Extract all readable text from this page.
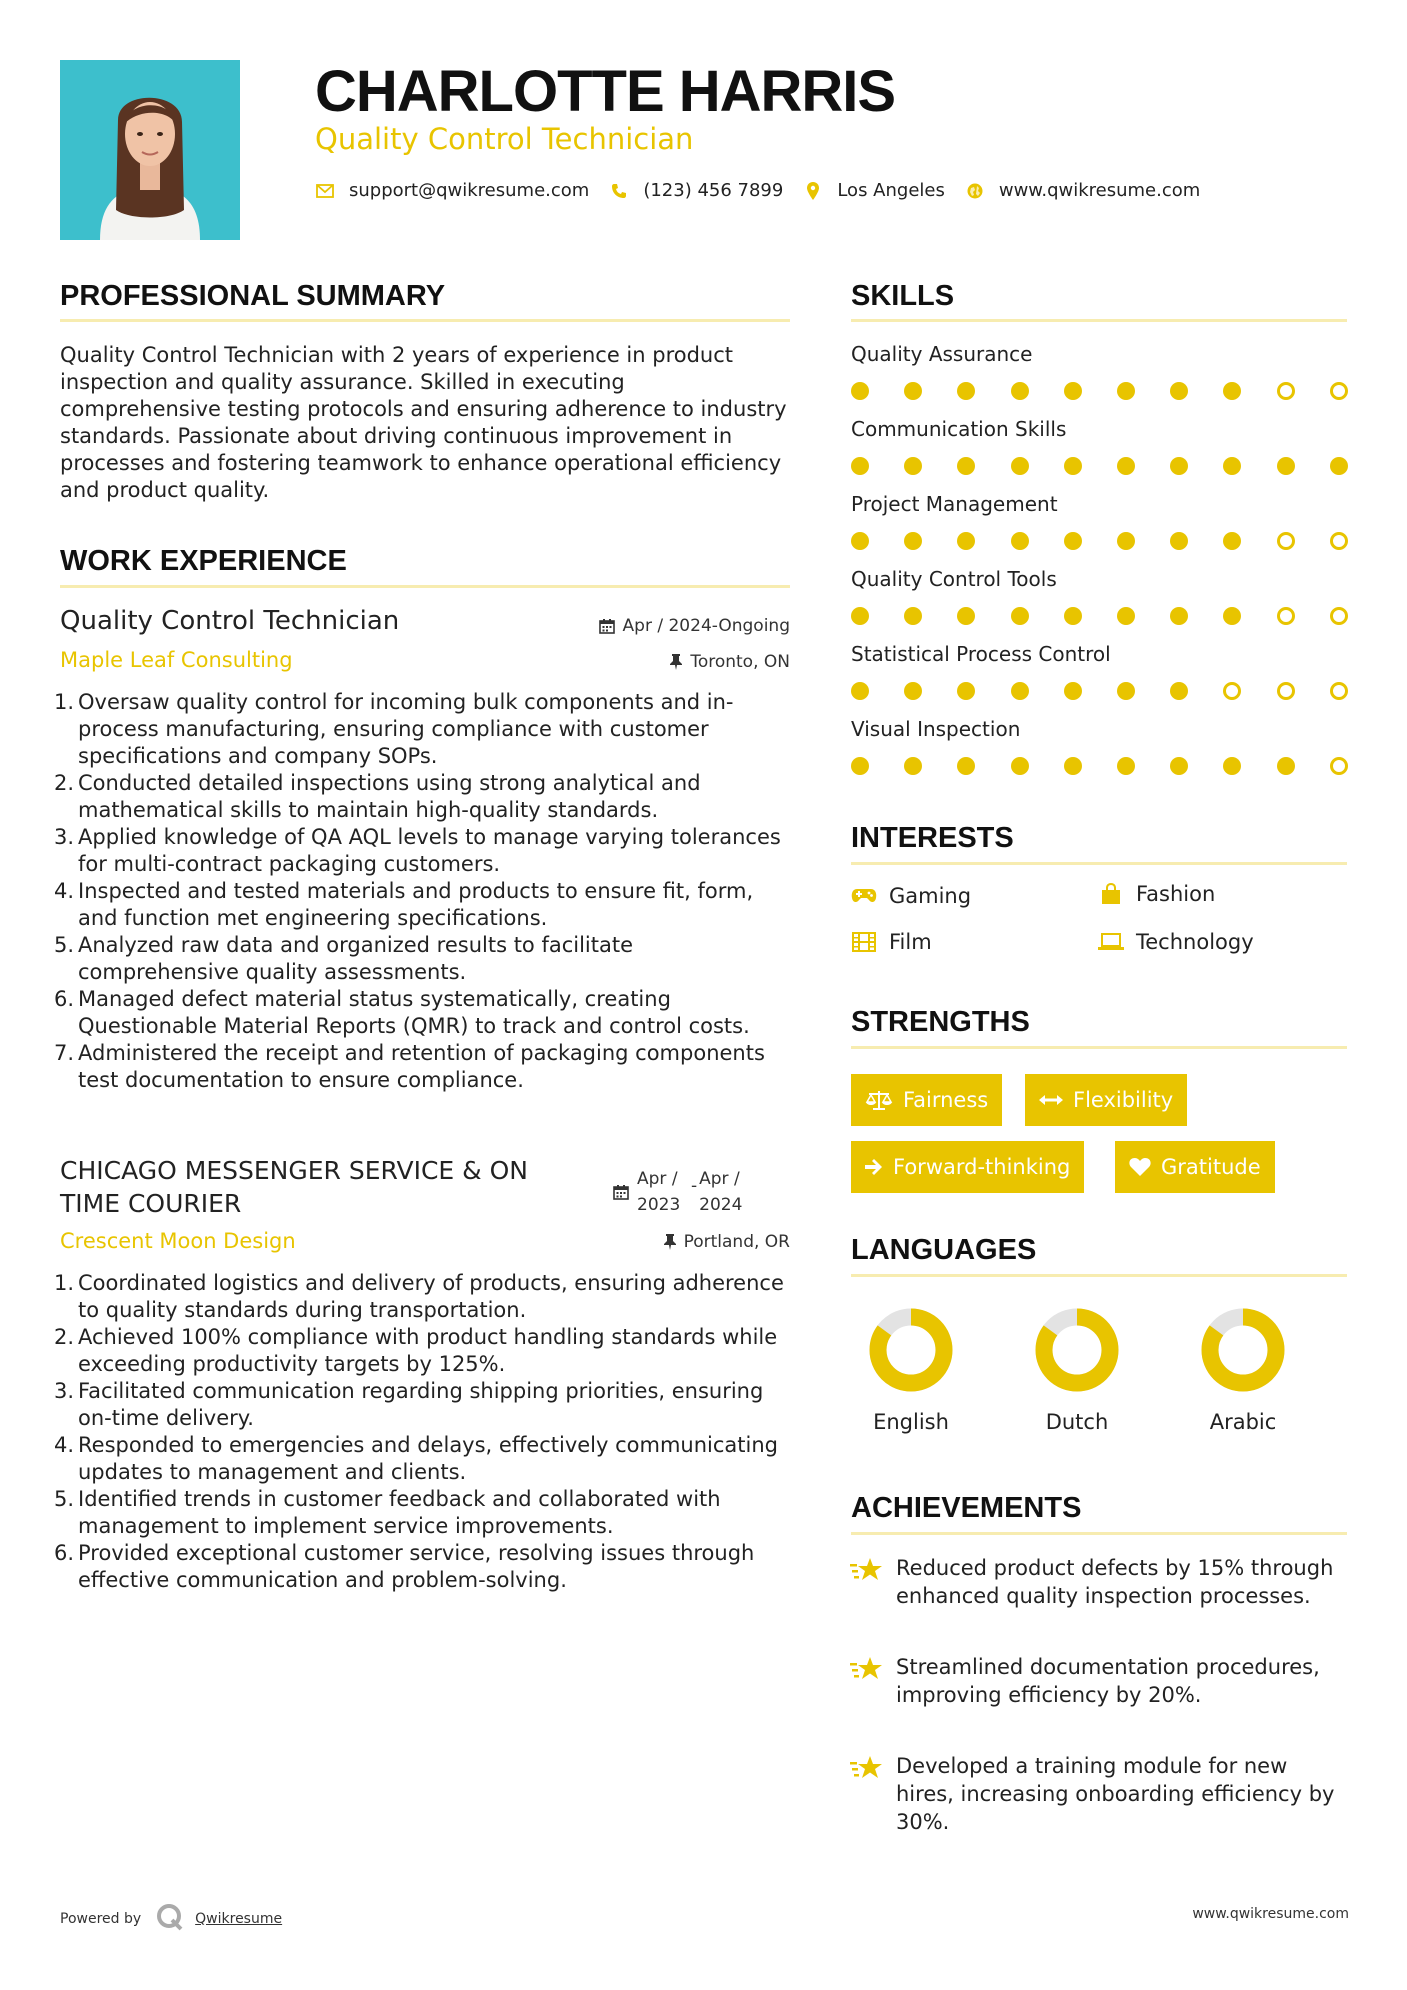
CHARLOTTE HARRIS
Quality Control Technician
support@qwikresume.com	(123) 456 7899	Los Angeles	www.qwikresume.com
PROFESSIONAL SUMMARY
Quality Control Technician with 2 years of experience in product inspection and quality assurance. Skilled in executing comprehensive testing protocols and ensuring adherence to industry standards. Passionate about driving continuous improvement in processes and fostering teamwork to enhance operational efficiency and product quality.
WORK EXPERIENCE
Quality Control Technician	Apr / 2024-Ongoing
Maple Leaf Consulting	Toronto, ON
1. Oversaw quality control for incoming bulk components and in-process manufacturing, ensuring compliance with customer specifications and company SOPs.
2. Conducted detailed inspections using strong analytical and mathematical skills to maintain high-quality standards.
3. Applied knowledge of QA AQL levels to manage varying tolerances for multi-contract packaging customers.
4. Inspected and tested materials and products to ensure fit, form, and function met engineering specifications.
5. Analyzed raw data and organized results to facilitate comprehensive quality assessments.
6. Managed defect material status systematically, creating Questionable Material Reports (QMR) to track and control costs.
7. Administered the receipt and retention of packaging components test documentation to ensure compliance.
CHICAGO MESSENGER SERVICE & ON TIME COURIER
Apr / 2023
- Apr / 2024
Crescent Moon Design	Portland, OR
1. Coordinated logistics and delivery of products, ensuring adherence to quality standards during transportation.
2. Achieved 100% compliance with product handling standards while exceeding productivity targets by 125%.
3. Facilitated communication regarding shipping priorities, ensuring on-time delivery.
4. Responded to emergencies and delays, effectively communicating updates to management and clients.
5. Identified trends in customer feedback and collaborated with management to implement service improvements.
6. Provided exceptional customer service, resolving issues through effective communication and problem-solving.
SKILLS
Quality Assurance
Communication Skills
Project Management
Quality Control Tools
Statistical Process Control
Visual Inspection
INTERESTS
Gaming	Fashion
Film	Technology
STRENGTHS
Fairness	Flexibility
Forward-thinking	Gratitude
LANGUAGES
English	Dutch	Arabic
ACHIEVEMENTS
Reduced product defects by 15% through enhanced quality inspection processes.
Streamlined documentation procedures, improving efficiency by 20%.
Developed a training module for new hires, increasing onboarding efficiency by 30%.
Powered by	Qwikresume	www.qwikresume.com
